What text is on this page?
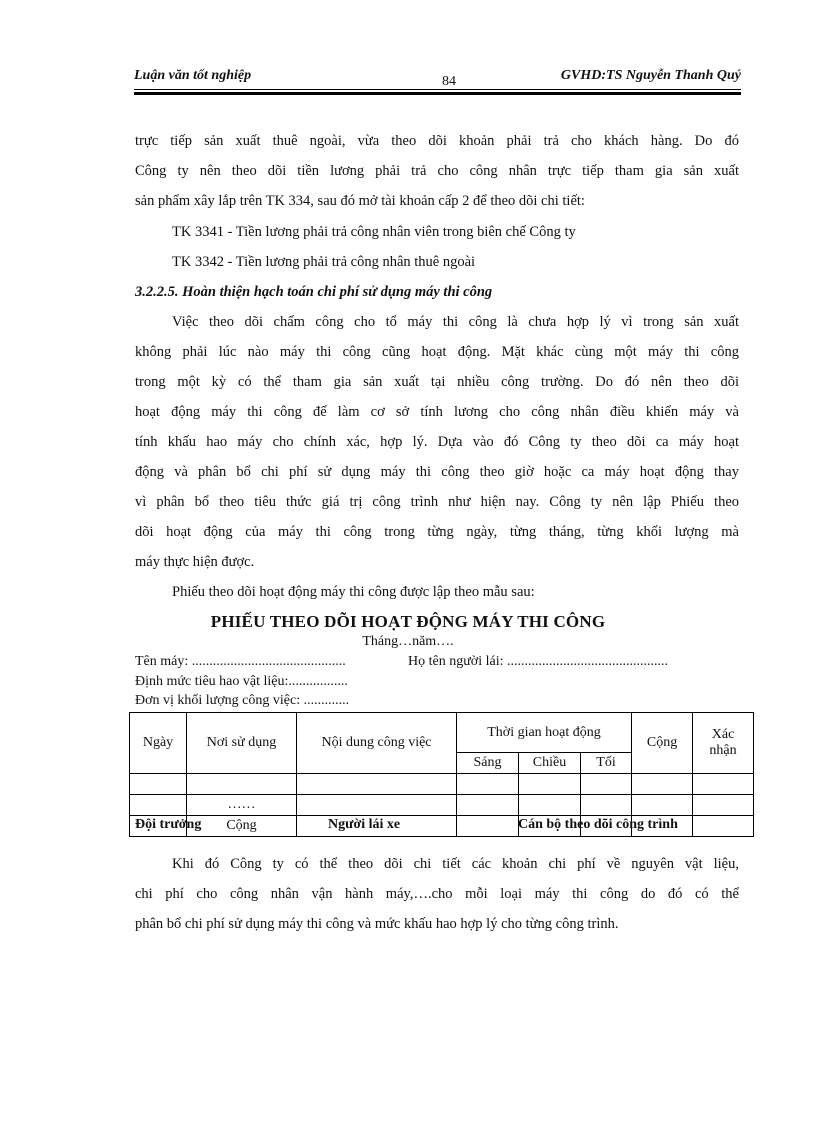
Luận văn tốt nghiệp	84	GVHD:TS Nguyễn Thanh Quý
trực tiếp sản xuất thuê ngoài, vừa theo dõi khoản phải trả cho khách hàng. Do đó
Công ty nên theo dõi tiền lương phải trả cho công nhân trực tiếp tham gia sản xuất
sản phẩm xây lắp trên TK 334, sau đó mở tài khoản cấp 2 để theo dõi chi tiết:
TK 3341 - Tiền lương phải trả công nhân viên trong biên chế Công ty
TK 3342 - Tiền lương phải trả công nhân thuê ngoài
3.2.2.5. Hoàn thiện hạch toán chi phí sử dụng máy thi công
Việc theo dõi chấm công cho tổ máy thi công là chưa hợp lý vì trong sản xuất
không phải lúc nào máy thi công cũng hoạt động. Mặt khác cùng một máy thi công
trong một kỳ có thể tham gia sản xuất tại nhiều công trường. Do đó nên theo dõi
hoạt động máy thi công để làm cơ sở tính lương cho công nhân điều khiển máy và
tính khấu hao máy cho chính xác, hợp lý. Dựa vào đó Công ty theo dõi ca máy hoạt
động và phân bổ chi phí sử dụng máy thi công theo giờ hoặc ca máy hoạt động thay
vì phân bổ theo tiêu thức giá trị công trình như hiện nay. Công ty nên lập Phiếu theo
dõi hoạt động của máy thi công trong từng ngày, từng tháng, từng khối lượng mà
máy thực hiện được.
Phiếu theo dõi hoạt động máy thi công được lập theo mẫu sau:
PHIẾU THEO DÕI HOẠT ĐỘNG MÁY THI CÔNG
Tháng…năm….
Tên máy: ............................................	Họ tên người lái: ..............................................
Định mức tiêu hao vật liệu:.................
Đơn vị khối lượng công việc: .............
Ngày	Nơi sử dụng	Nội dung công việc	Thời gian hoạt động			Cộng	Xác
nhận

			Sáng	Chiều	Tối		

	……						
	Cộng						
Đội trưởng	Người lái xe	Cán bộ theo dõi công trình
Khi đó Công ty có thể theo dõi chi tiết các khoản chi phí về nguyên vật liệu,
chi phí cho công nhân vận hành máy,….cho mỗi loại máy thi công do đó có thể
phân bổ chi phí sử dụng máy thi công và mức khấu hao hợp lý cho từng công trình.
